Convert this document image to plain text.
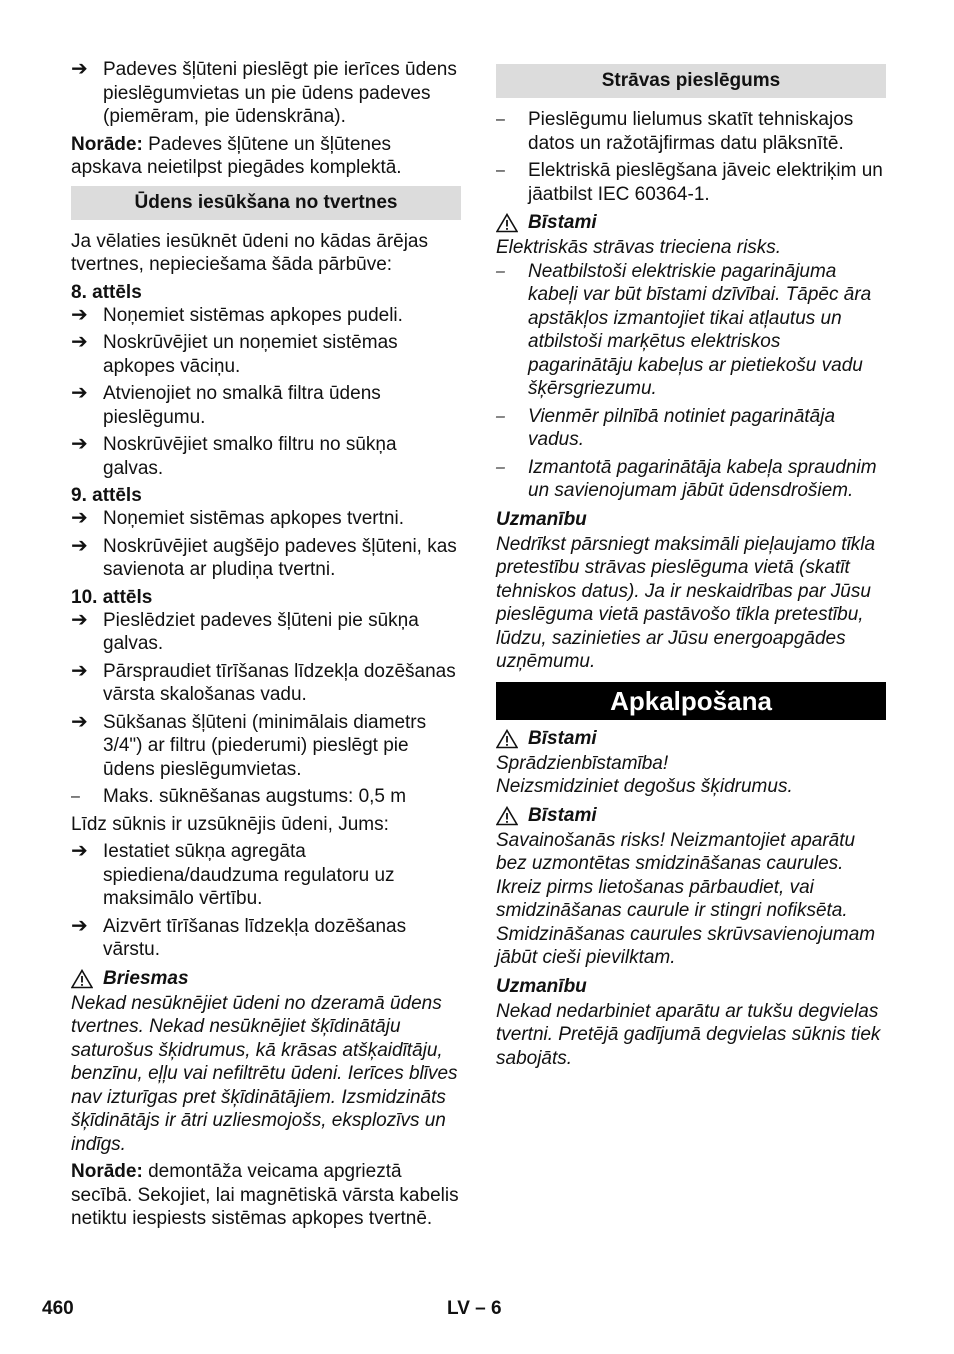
➔ Padeves šļūteni pieslēgt pie ierīces ūdens pieslēgumvietas un pie ūdens padeves (piemēram, pie ūdenskrāna).

Norāde: Padeves šļūtene un šļūtenes apskava neietilpst piegādes komplektā.

Ūdens iesūkšana no tvertnes

Ja vēlaties iesūknēt ūdeni no kādas ārējas tvertnes, nepieciešama šāda pārbūve:

8. attēls
➔ Noņemiet sistēmas apkopes pudeli.
➔ Noskrūvējiet un noņemiet sistēmas apkopes vāciņu.
➔ Atvienojiet no smalkā filtra ūdens pieslēgumu.
➔ Noskrūvējiet smalko filtru no sūkņa galvas.
9. attēls
➔ Noņemiet sistēmas apkopes tvertni.
➔ Noskrūvējiet augšējo padeves šļūteni, kas savienota ar pludiņa tvertni.
10. attēls
➔ Pieslēdziet padeves šļūteni pie sūkņa galvas.
➔ Pārspraudiet tīrīšanas līdzekļa dozēšanas vārsta skalošanas vadu.
➔ Sūkšanas šļūteni (minimālais diametrs 3/4") ar filtru (piederumi) pieslēgt pie ūdens pieslēgumvietas.
–	Maks. sūknēšanas augstums: 0,5 m

Līdz sūknis ir uzsūknējis ūdeni, Jums:

➔ Iestatiet sūkņa agregāta spiediena/daudzuma regulatoru uz maksimālo vērtību.
➔ Aizvērt tīrīšanas līdzekļa dozēšanas vārstu.
Briesmas

Nekad nesūknējiet ūdeni no dzeramā ūdens tvertnes. Nekad nesūknējiet šķīdinātāju saturošus šķidrumus, kā krāsas atšķaidītāju, benzīnu, eļļu vai nefiltrētu ūdeni. Ierīces blīves nav izturīgas pret šķīdinātājiem. Izsmidzināts šķīdinātājs ir ātri uzliesmojošs, eksplozīvs un indīgs.

Norāde: demontāža veicama apgrieztā secībā. Sekojiet, lai magnētiskā vārsta kabelis netiktu iespiests sistēmas apkopes tvertnē.

Strāvas pieslēgums
–	Pieslēgumu lielumus skatīt tehniskajos datos un ražotājfirmas datu plāksnītē.
–	Elektriskā pieslēgšana jāveic elektriķim un jāatbilst IEC 60364-1.
Bīstami

Elektriskās strāvas trieciena risks.

–	Neatbilstoši elektriskie pagarinājuma kabeļi var būt bīstami dzīvībai. Tāpēc āra apstākļos izmantojiet tikai atļautus un atbilstoši marķētus elektriskos pagarinātāju kabeļus ar pietiekošu vadu šķērsgriezumu.
–	Vienmēr pilnībā notiniet pagarinātāja vadus.
–	Izmantotā pagarinātāja kabeļa spraudnim un savienojumam jābūt ūdensdrošiem.
Uzmanību

Nedrīkst pārsniegt maksimāli pieļaujamo tīkla pretestību strāvas pieslēguma vietā (skatīt tehniskos datus). Ja ir neskaidrības par Jūsu pieslēguma vietā pastāvošo tīkla pretestību, lūdzu, sazinieties ar Jūsu energoapgādes uzņēmumu.

Apkalpošana
Bīstami

Sprādzienbīstamība!

Neizsmidziniet degošus šķidrumus.

Bīstami

Savainošanās risks! Neizmantojiet aparātu bez uzmontētas smidzināšanas caurules. Ikreiz pirms lietošanas pārbaudiet, vai smidzināšanas caurule ir stingri nofiksēta. Smidzināšanas caurules skrūvsavienojumam jābūt cieši pievilktam.

Uzmanību

Nekad nedarbiniet aparātu ar tukšu degvielas tvertni. Pretējā gadījumā degvielas sūknis tiek sabojāts.

460	LV – 6
